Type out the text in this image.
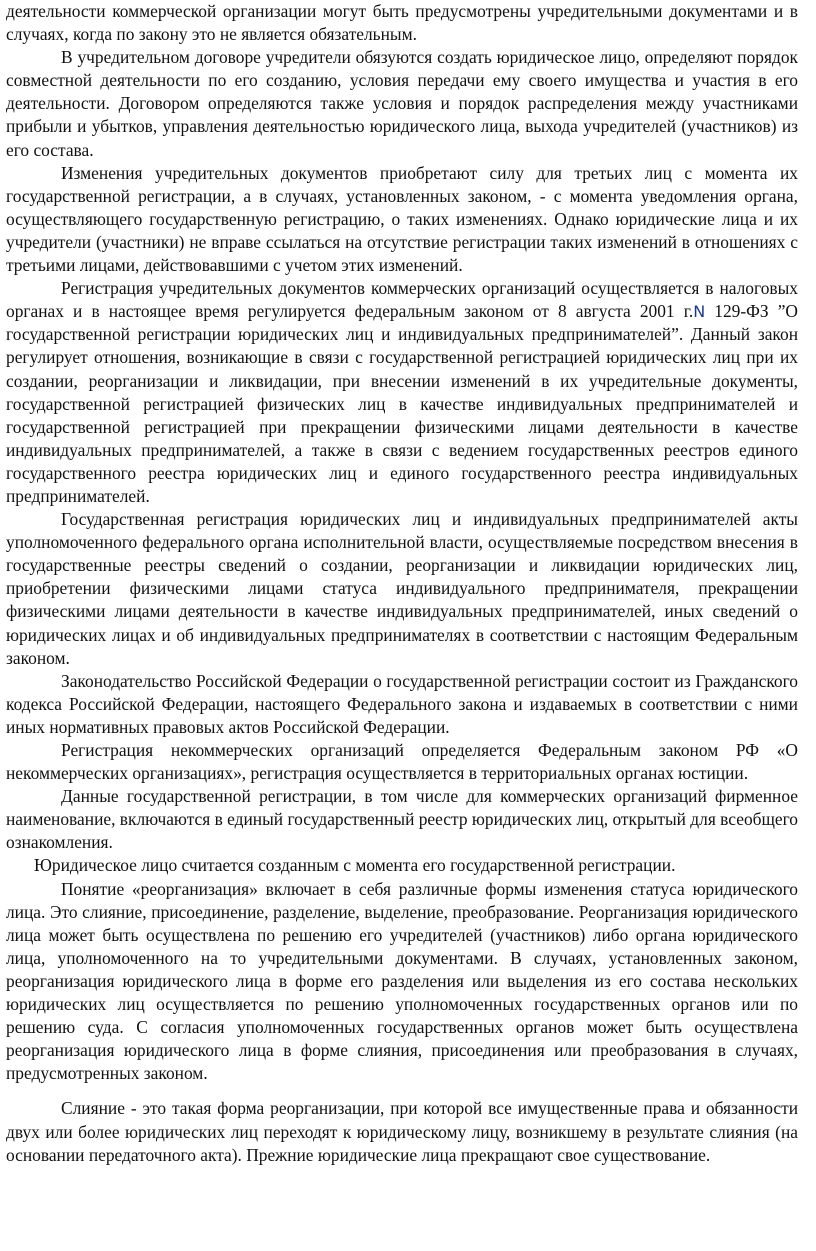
деятельности коммерческой организации могут быть предусмотрены учредительными документами и в случаях, когда по закону это не является обязательным.

В учредительном договоре учредители обязуются создать юридическое лицо, определяют порядок совместной деятельности по его созданию, условия передачи ему своего имущества и участия в его деятельности. Договором определяются также условия и порядок распределения между участниками прибыли и убытков, управления деятельностью юридического лица, выхода учредителей (участников) из его состава.

Изменения учредительных документов приобретают силу для третьих лиц с момента их государственной регистрации, а в случаях, установленных законом, - с момента уведомления органа, осуществляющего государственную регистрацию, о таких изменениях. Однако юридические лица и их учредители (участники) не вправе ссылаться на отсутствие регистрации таких изменений в отношениях с третьими лицами, действовавшими с учетом этих изменений.

Регистрация учредительных документов коммерческих организаций осуществляется в налоговых органах и в настоящее время регулируется федеральным законом от 8 августа 2001 г.N 129-ФЗ ”О государственной регистрации юридических лиц и индивидуальных предпринимателей”. Данный закон регулирует отношения, возникающие в связи с государственной регистрацией юридических лиц при их создании, реорганизации и ликвидации, при внесении изменений в их учредительные документы, государственной регистрацией физических лиц в качестве индивидуальных предпринимателей и государственной регистрацией при прекращении физическими лицами деятельности в качестве индивидуальных предпринимателей, а также в связи с ведением государственных реестров единого государственного реестра юридических лиц и единого государственного реестра индивидуальных предпринимателей.

Государственная регистрация юридических лиц и индивидуальных предпринимателей акты уполномоченного федерального органа исполнительной власти, осуществляемые посредством внесения в государственные реестры сведений о создании, реорганизации и ликвидации юридических лиц, приобретении физическими лицами статуса индивидуального предпринимателя, прекращении физическими лицами деятельности в качестве индивидуальных предпринимателей, иных сведений о юридических лицах и об индивидуальных предпринимателях в соответствии с настоящим Федеральным законом.

Законодательство Российской Федерации о государственной регистрации состоит из Гражданского кодекса Российской Федерации, настоящего Федерального закона и издаваемых в соответствии с ними иных нормативных правовых актов Российской Федерации.

Регистрация некоммерческих организаций определяется Федеральным законом РФ «О некоммерческих организациях», регистрация осуществляется в территориальных органах юстиции.

Данные государственной регистрации, в том числе для коммерческих организаций фирменное наименование, включаются в единый государственный реестр юридических лиц, открытый для всеобщего ознакомления.

Юридическое лицо считается созданным с момента его государственной регистрации.

Понятие «реорганизация» включает в себя различные формы изменения статуса юридического лица. Это слияние, присоединение, разделение, выделение, преобразование. Реорганизация юридического лица может быть осуществлена по решению его учредителей (участников) либо органа юридического лица, уполномоченного на то учредительными документами. В случаях, установленных законом, реорганизация юридического лица в форме его разделения или выделения из его состава нескольких юридических лиц осуществляется по решению уполномоченных государственных органов или по решению суда. С согласия уполномоченных государственных органов может быть осуществлена реорганизация юридического лица в форме слияния, присоединения или преобразования в случаях, предусмотренных законом.

Слияние - это такая форма реорганизации, при которой все имущественные права и обязанности двух или более юридических лиц переходят к юридическому лицу, возникшему в результате слияния (на основании передаточного акта). Прежние юридические лица прекращают свое существование.
